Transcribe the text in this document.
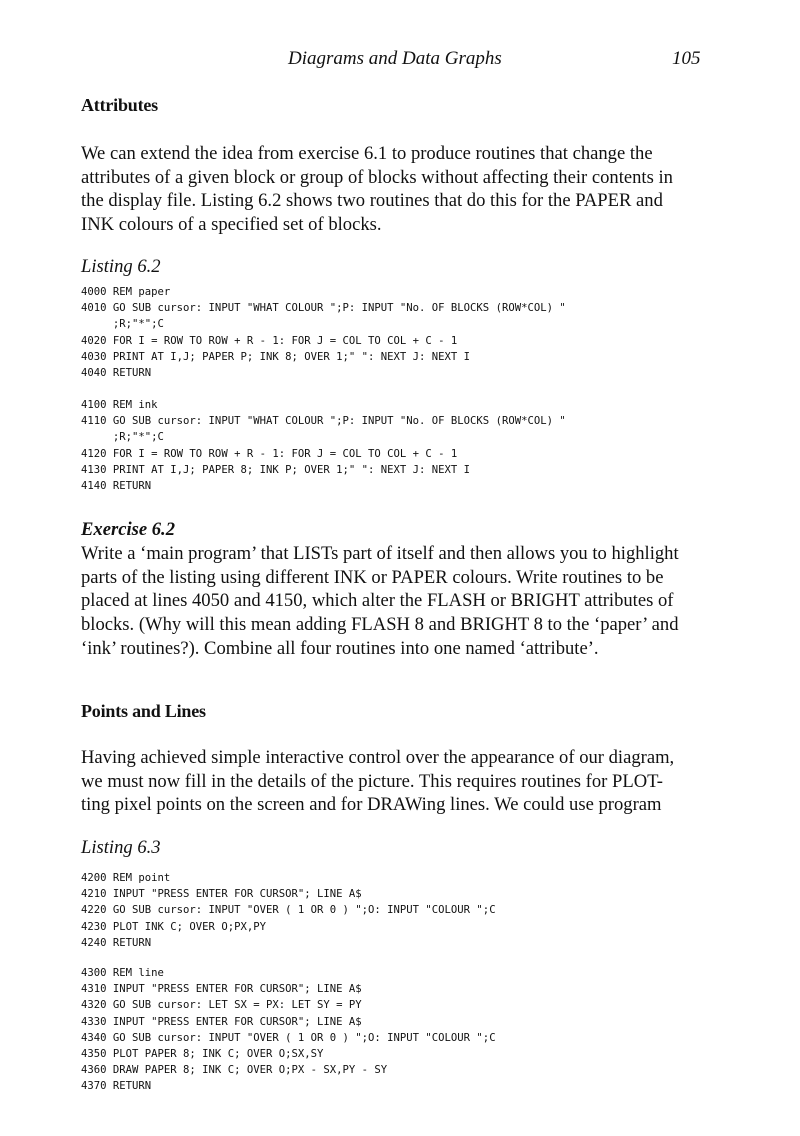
Diagrams and Data Graphs	105
Attributes

We can extend the idea from exercise 6.1 to produce routines that change the

attributes of a given block or group of blocks without affecting their contents in

the display file. Listing 6.2 shows two routines that do this for the PAPER and

INK colours of a specified set of blocks.

Listing 6.2
4000 REM paper
4010 GO SUB cursor: INPUT "WHAT COLOUR ";P: INPUT "No. OF BLOCKS (ROW*COL) "
;R;"*";C
4020 FOR I = ROW TO ROW + R - 1: FOR J = COL TO COL + C - 1
4030 PRINT AT I,J; PAPER P; INK 8; OVER 1;" ": NEXT J: NEXT I
4040 RETURN
4100 REM ink
4110 GO SUB cursor: INPUT "WHAT COLOUR ";P: INPUT "No. OF BLOCKS (ROW*COL) "
;R;"*";C
4120 FOR I = ROW TO ROW + R - 1: FOR J = COL TO COL + C - 1
4130 PRINT AT I,J; PAPER 8; INK P; OVER 1;" ": NEXT J: NEXT I
4140 RETURN
Exercise 6.2

Write a ‘main program’ that LISTs part of itself and then allows you to highlight

parts of the listing using different INK or PAPER colours. Write routines to be

placed at lines 4050 and 4150, which alter the FLASH or BRIGHT attributes of

blocks. (Why will this mean adding FLASH 8 and BRIGHT 8 to the ‘paper’ and

‘ink’ routines?). Combine all four routines into one named ‘attribute’.

Points and Lines

Having achieved simple interactive control over the appearance of our diagram,

we must now fill in the details of the picture. This requires routines for PLOT-

ting pixel points on the screen and for DRAWing lines. We could use program

Listing 6.3
4200 REM point
4210 INPUT "PRESS ENTER FOR CURSOR"; LINE A$
4220 GO SUB cursor: INPUT "OVER ( 1 OR 0 ) ";O: INPUT "COLOUR ";C
4230 PLOT INK C; OVER O;PX,PY
4240 RETURN
4300 REM line
4310 INPUT "PRESS ENTER FOR CURSOR"; LINE A$
4320 GO SUB cursor: LET SX = PX: LET SY = PY
4330 INPUT "PRESS ENTER FOR CURSOR"; LINE A$
4340 GO SUB cursor: INPUT "OVER ( 1 OR 0 ) ";O: INPUT "COLOUR ";C
4350 PLOT PAPER 8; INK C; OVER O;SX,SY
4360 DRAW PAPER 8; INK C; OVER O;PX - SX,PY - SY
4370 RETURN
